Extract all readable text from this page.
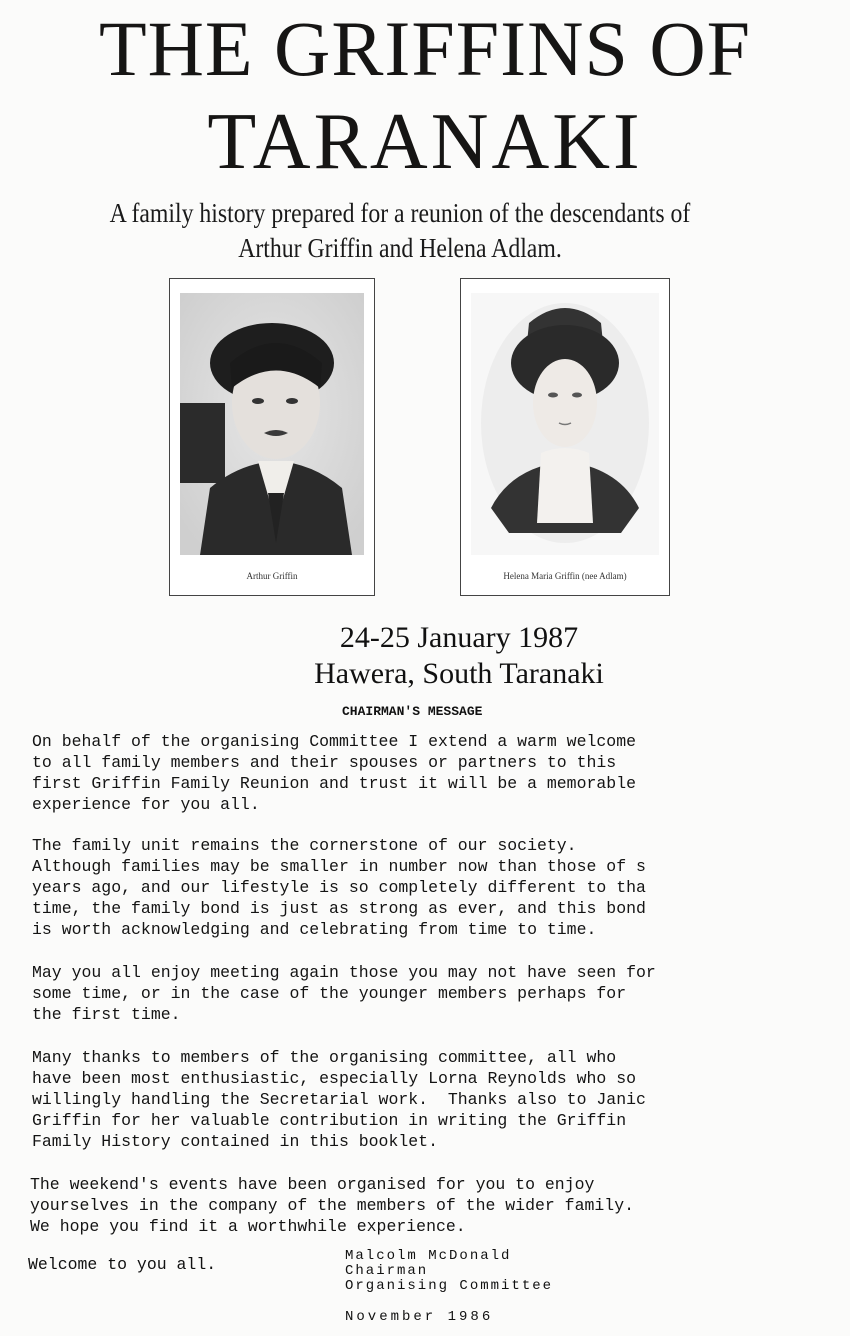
THE GRIFFINS OF
TARANAKI
A family history prepared for a reunion of the descendants of
Arthur Griffin and Helena Adlam.
Arthur Griffin	Helena Maria Griffin (nee Adlam)
24-25 January 1987
Hawera, South Taranaki
CHAIRMAN'S MESSAGE

On behalf of the organising Committee I extend a warm welcome
to all family members and their spouses or partners to this
first Griffin Family Reunion and trust it will be a memorable
experience for you all.

The family unit remains the cornerstone of our society.
Although families may be smaller in number now than those of s
years ago, and our lifestyle is so completely different to tha
time, the family bond is just as strong as ever, and this bond
is worth acknowledging and celebrating from time to time.

May you all enjoy meeting again those you may not have seen for
some time, or in the case of the younger members perhaps for
the first time.

Many thanks to members of the organising committee, all who
have been most enthusiastic, especially Lorna Reynolds who so
willingly handling the Secretarial work.  Thanks also to Janic
Griffin for her valuable contribution in writing the Griffin
Family History contained in this booklet.

The weekend's events have been organised for you to enjoy
yourselves in the company of the members of the wider family.
We hope you find it a worthwhile experience.

Welcome to you all.	Malcolm McDonald
Chairman
Organising Committee
November 1986
